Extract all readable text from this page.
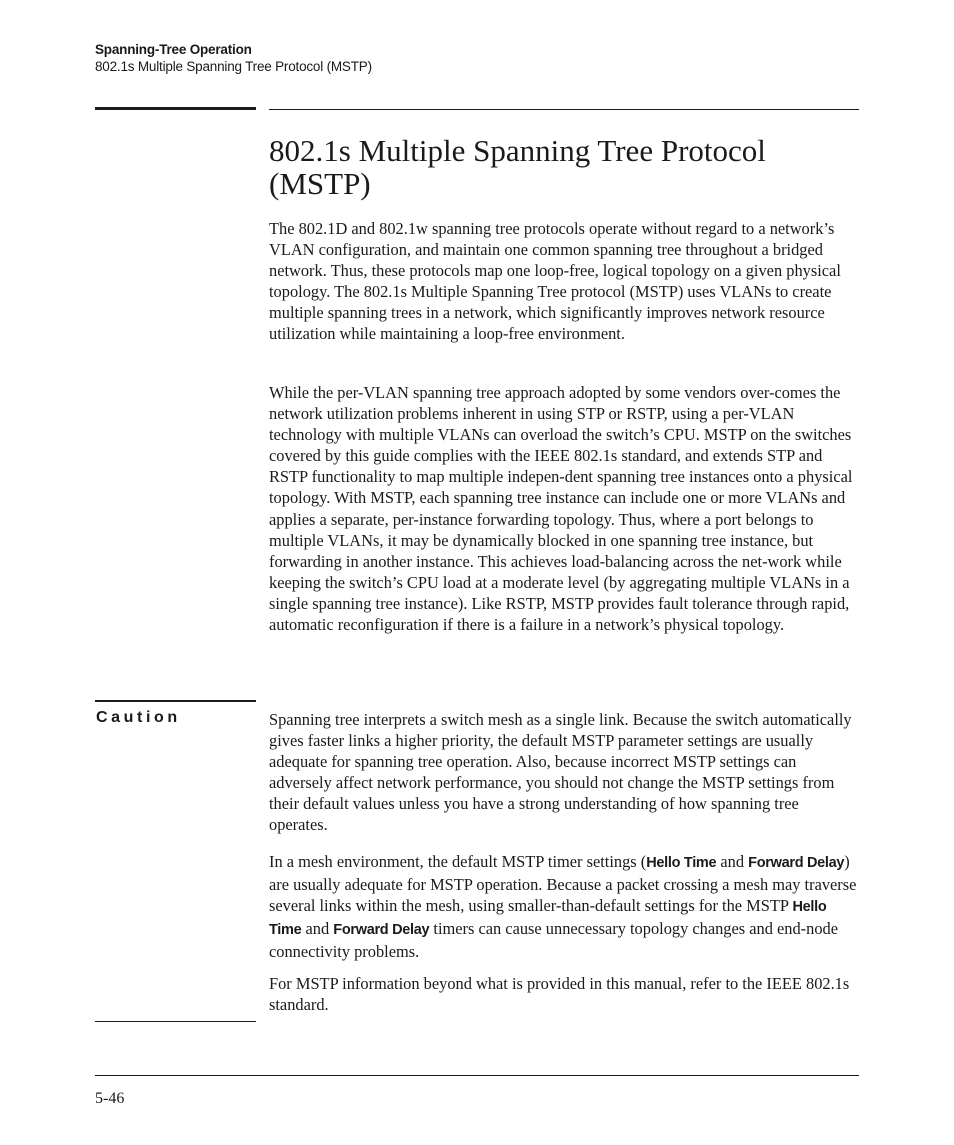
Spanning-Tree Operation
802.1s Multiple Spanning Tree Protocol (MSTP)
802.1s Multiple Spanning Tree Protocol
(MSTP)

The 802.1D and 802.1w spanning tree protocols operate without regard to a network’s VLAN configuration, and maintain one common spanning tree throughout a bridged network. Thus, these protocols map one loop-free, logical topology on a given physical topology. The 802.1s Multiple Spanning Tree protocol (MSTP) uses VLANs to create multiple spanning trees in a network, which significantly improves network resource utilization while maintaining a loop-free environment.

While the per-VLAN spanning tree approach adopted by some vendors over-comes the network utilization problems inherent in using STP or RSTP, using a per-VLAN technology with multiple VLANs can overload the switch’s CPU. MSTP on the switches covered by this guide complies with the IEEE 802.1s standard, and extends STP and RSTP functionality to map multiple indepen-dent spanning tree instances onto a physical topology. With MSTP, each spanning tree instance can include one or more VLANs and applies a separate, per-instance forwarding topology. Thus, where a port belongs to multiple VLANs, it may be dynamically blocked in one spanning tree instance, but forwarding in another instance. This achieves load-balancing across the net-work while keeping the switch’s CPU load at a moderate level (by aggregating multiple VLANs in a single spanning tree instance). Like RSTP, MSTP provides fault tolerance through rapid, automatic reconfiguration if there is a failure in a network’s physical topology.

Caution	Spanning tree interprets a switch mesh as a single link. Because the switch automatically gives faster links a higher priority, the default MSTP parameter settings are usually adequate for spanning tree operation. Also, because incorrect MSTP settings can adversely affect network performance, you should not change the MSTP settings from their default values unless you have a strong understanding of how spanning tree operates.

In a mesh environment, the default MSTP timer settings (Hello Time and Forward Delay) are usually adequate for MSTP operation. Because a packet crossing a mesh may traverse several links within the mesh, using smaller-than-default settings for the MSTP Hello Time and Forward Delay timers can cause unnecessary topology changes and end-node connectivity problems.

For MSTP information beyond what is provided in this manual, refer to the IEEE 802.1s standard.

5-46
